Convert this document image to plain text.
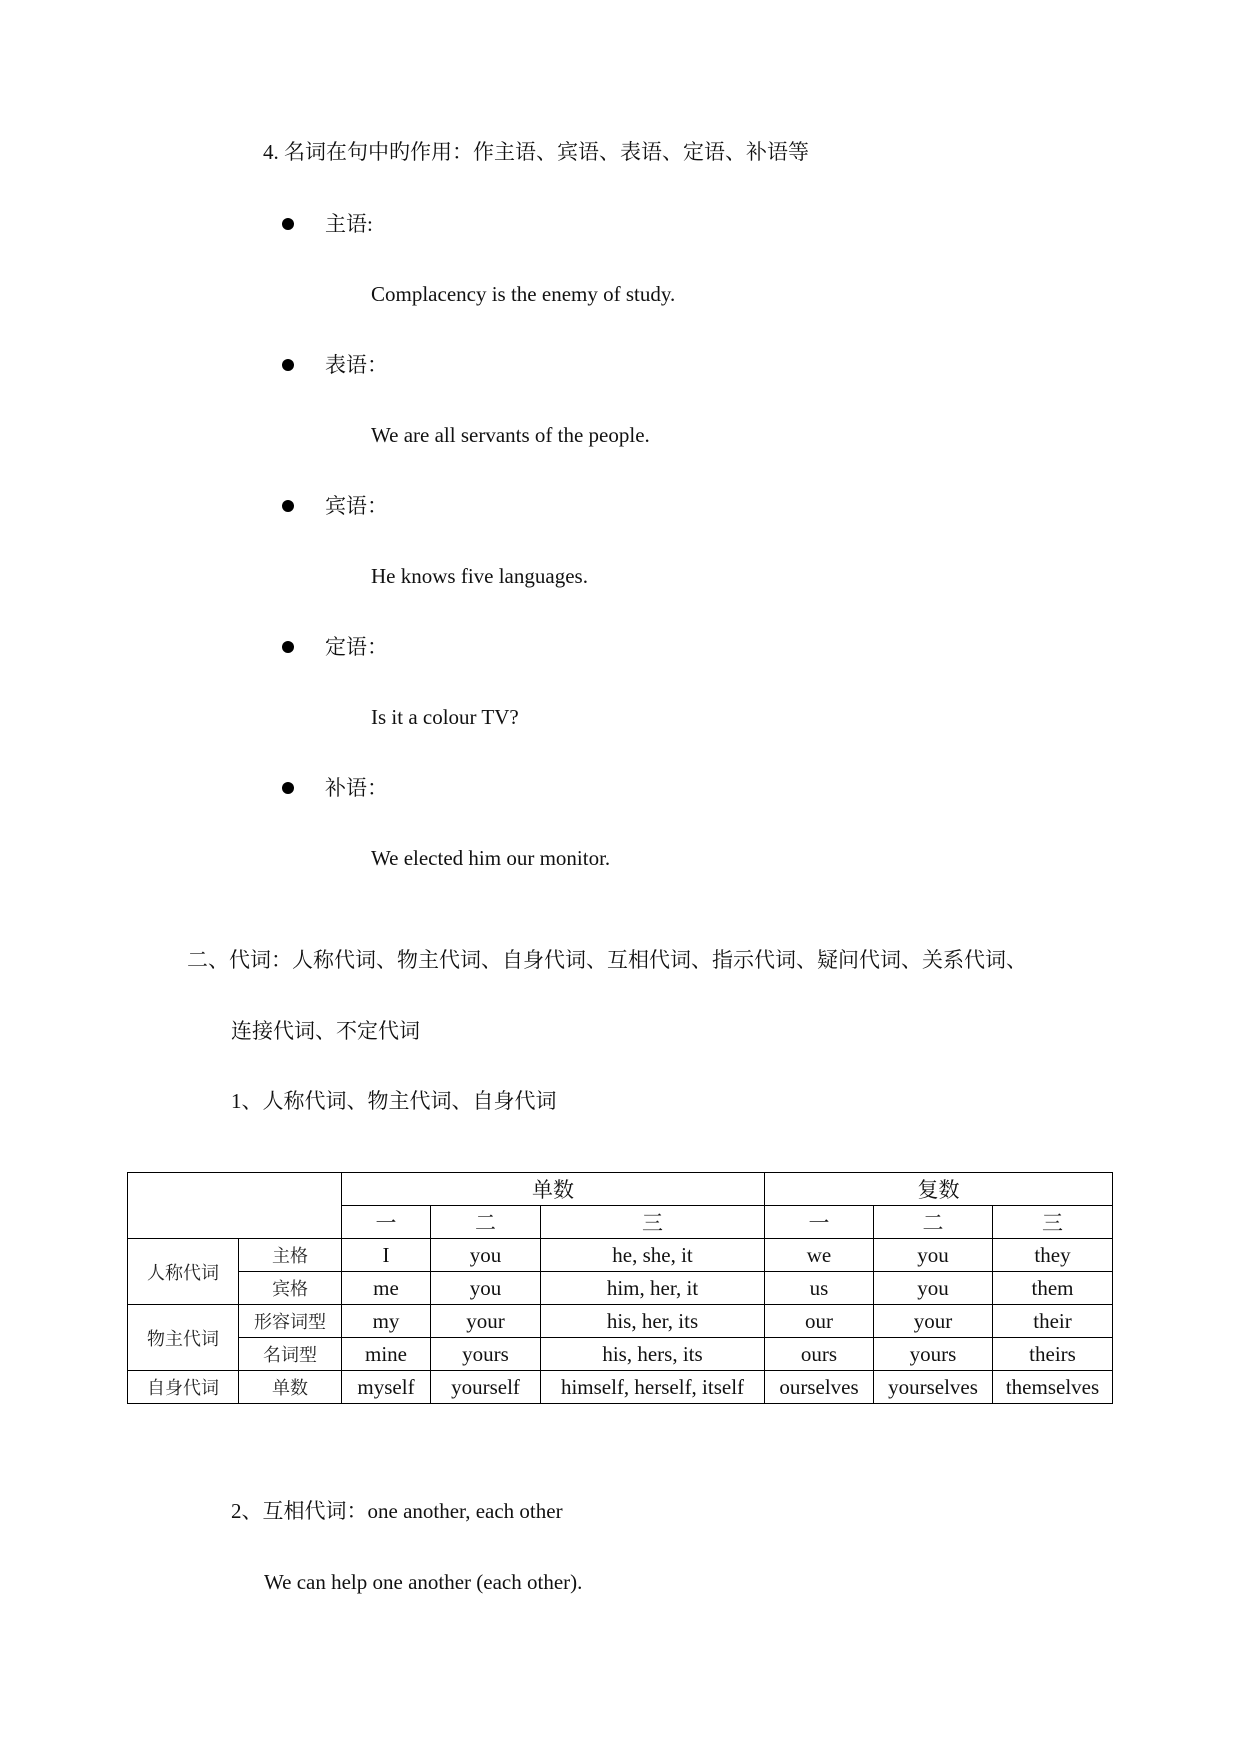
4. 名词在句中旳作用：作主语、宾语、表语、定语、补语等
主语:
Complacency is the enemy of study.
表语：
We are all servants of the people.
宾语：
He knows five languages.
定语：
Is it a colour TV?
补语：
We elected him our monitor.
二、代词：人称代词、物主代词、自身代词、互相代词、指示代词、疑问代词、关系代词、
连接代词、不定代词
1、人称代词、物主代词、自身代词
		单数			复数		
		一	二	三	一	二	三
人称代词	主格	I	you	he, she, it	we	you	they
	宾格	me	you	him, her, it	us	you	them
物主代词	形容词型	my	your	his, her, its	our	your	their
	名词型	mine	yours	his, hers, its	ours	yours	theirs
自身代词	单数	myself	yourself	himself, herself, itself	ourselves	yourselves	themselves
2、互相代词：one another, each other
We can help one another (each other).
